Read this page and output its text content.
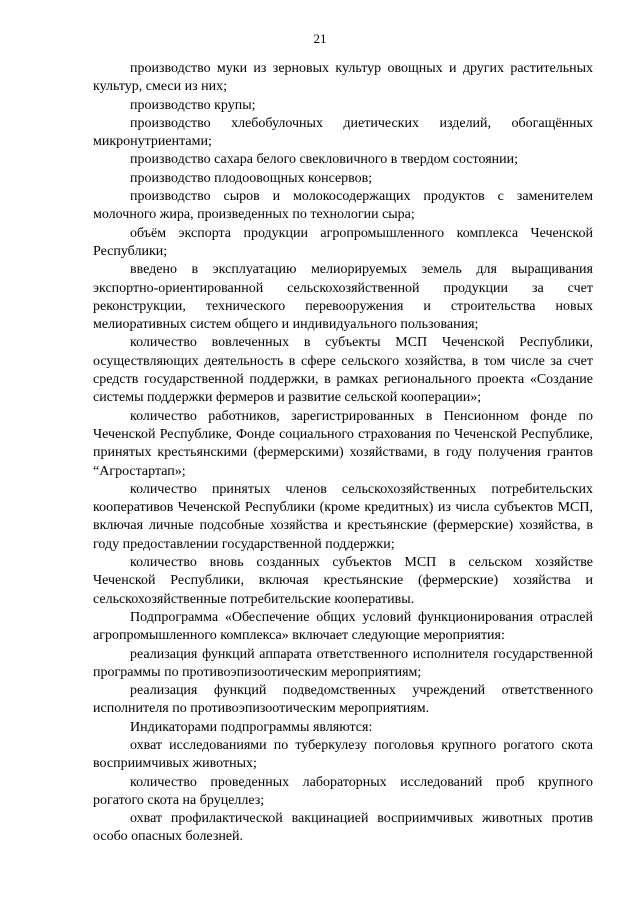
21

производство муки из зерновых культур овощных и других растительных культур, смеси из них;

производство крупы;

производство хлебобулочных диетических изделий, обогащённых микронутриентами;

производство сахара белого свекловичного в твердом состоянии;

производство плодоовощных консервов;

производство сыров и молокосодержащих продуктов с заменителем молочного жира, произведенных по технологии сыра;

объём экспорта продукции агропромышленного комплекса Чеченской Республики;

введено в эксплуатацию мелиорируемых земель для выращивания экспортно-ориентированной сельскохозяйственной продукции за счет реконструкции, технического перевооружения и строительства новых мелиоративных систем общего и индивидуального пользования;

количество вовлеченных в субъекты МСП Чеченской Республики, осуществляющих деятельность в сфере сельского хозяйства, в том числе за счет средств государственной поддержки, в рамках регионального проекта «Создание системы поддержки фермеров и развитие сельской кооперации»;

количество работников, зарегистрированных в Пенсионном фонде по Чеченской Республике, Фонде социального страхования по Чеченской Республике, принятых крестьянскими (фермерскими) хозяйствами, в году получения грантов “Агростартап»;

количество принятых членов сельскохозяйственных потребительских кооперативов Чеченской Республики (кроме кредитных) из числа субъектов МСП, включая личные подсобные хозяйства и крестьянские (фермерские) хозяйства, в году предоставлении государственной поддержки;

количество вновь созданных субъектов МСП в сельском хозяйстве Чеченской Республики, включая крестьянские (фермерские) хозяйства и сельскохозяйственные потребительские кооперативы.

Подпрограмма «Обеспечение общих условий функционирования отраслей агропромышленного комплекса» включает следующие мероприятия:

реализация функций аппарата ответственного исполнителя государственной программы по противоэпизоотическим мероприятиям;

реализация функций подведомственных учреждений ответственного исполнителя по противоэпизоотическим мероприятиям.

Индикаторами подпрограммы являются:

охват исследованиями по туберкулезу поголовья крупного рогатого скота восприимчивых животных;

количество проведенных лабораторных исследований проб крупного рогатого скота на бруцеллез;

охват профилактической вакцинацией восприимчивых животных против особо опасных болезней.
